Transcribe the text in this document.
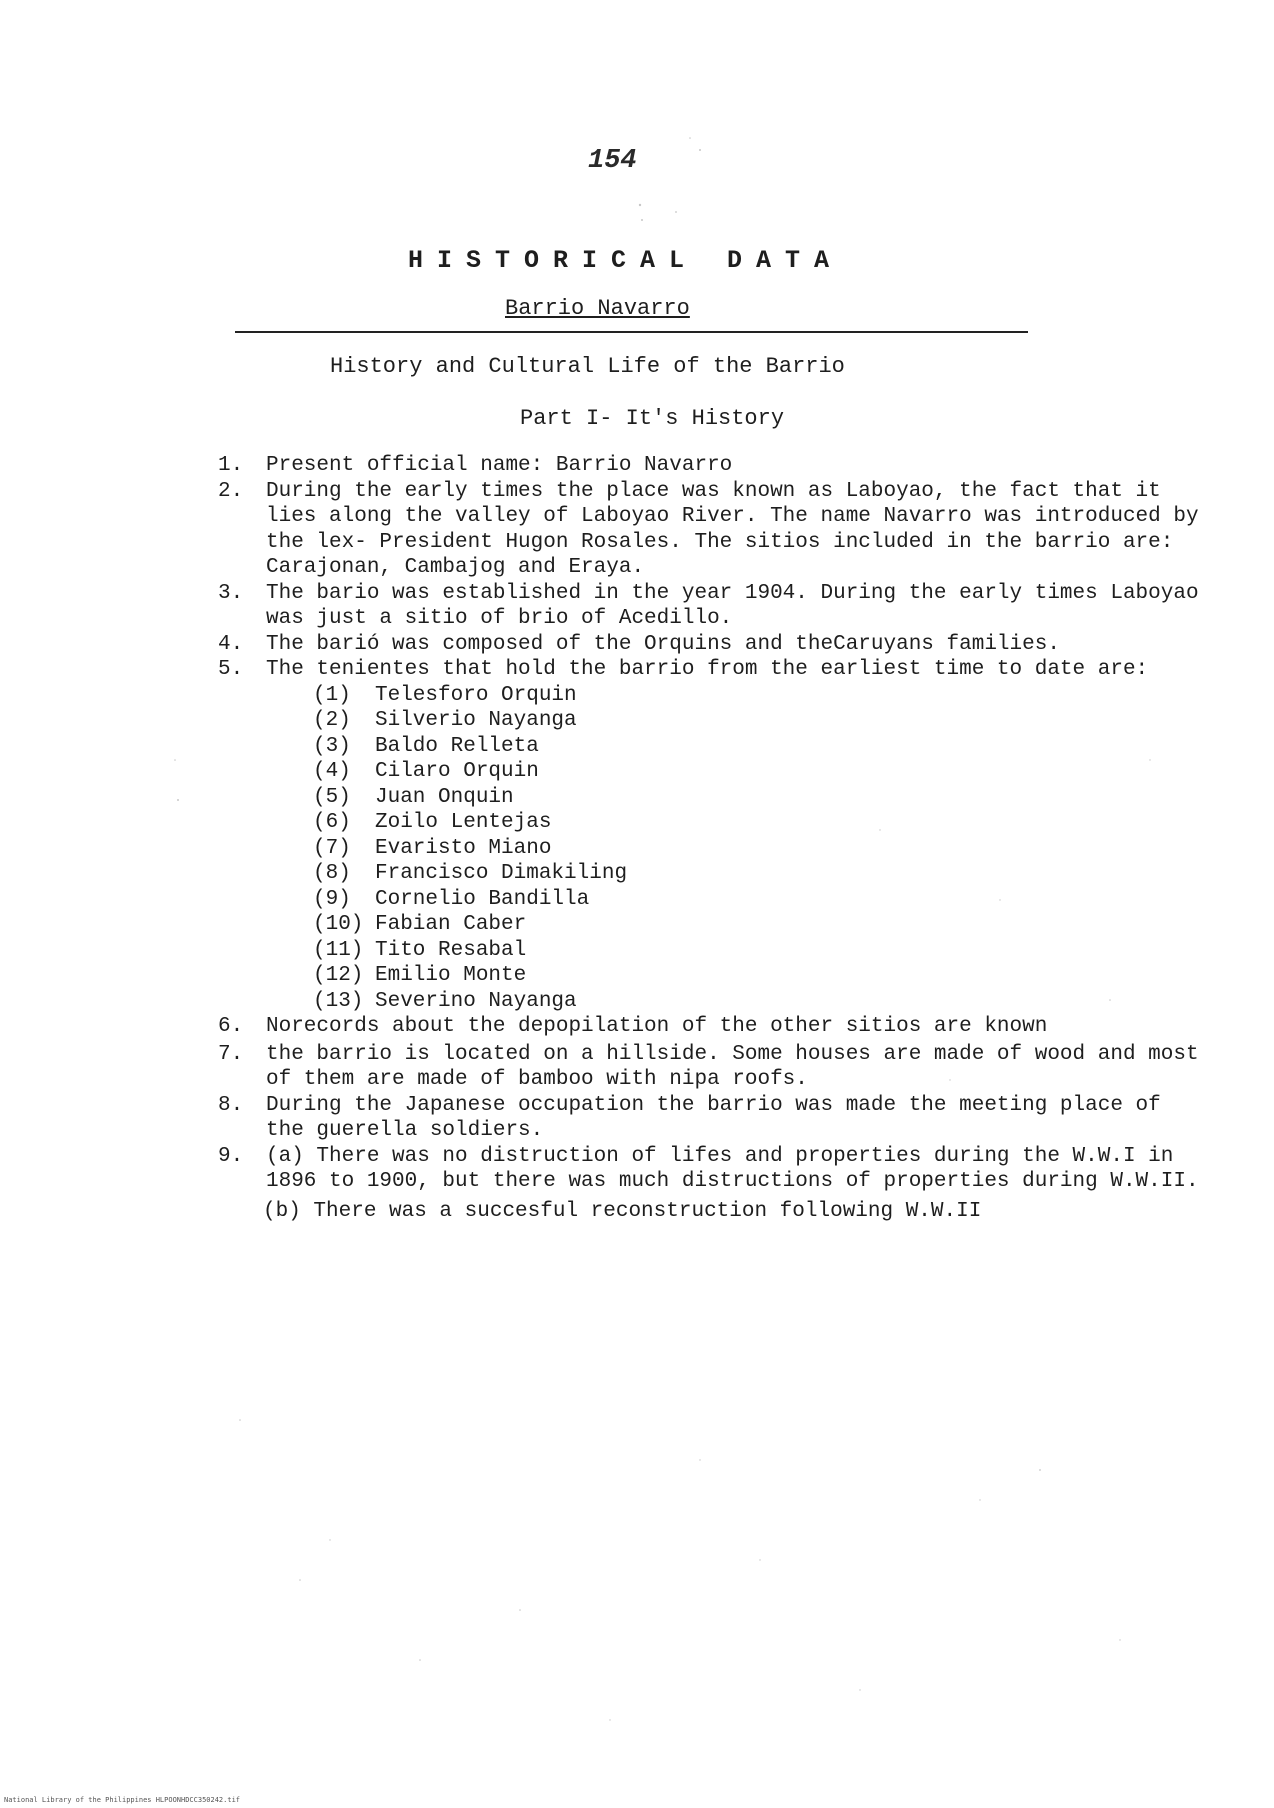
154
HISTORICAL DATA
Barrio Navarro
History and Cultural Life of the Barrio
Part I- It's History
1.	Present official name: Barrio Navarro
2.	During the early times the place was known as Laboyao, the fact that it lies along the valley of Laboyao River. The name Navarro was introduced by the lex- President Hugon Rosales. The sitios included in the barrio are: Carajonan, Cambajog and Eraya.
3.	The bario was established in the year 1904. During the early times Laboyao was just a sitio of brio of Acedillo.
4.	The barió was composed of the Orquins and theCaruyans families.
5.	The tenientes that hold the barrio from the earliest time to date are:
(1) Telesforo Orquin
(2) Silverio Nayanga
(3) Baldo Relleta
(4) Cilaro Orquin
(5) Juan Onquin
(6) Zoilo Lentejas
(7) Evaristo Miano
(8) Francisco Dimakiling
(9) Cornelio Bandilla
(10) Fabian Caber
(11) Tito Resabal
(12) Emilio Monte
(13) Severino Nayanga
6.	Norecords about the depopilation of the other sitios are known
7.	the barrio is located on a hillside. Some houses are made of wood and most of them are made of bamboo with nipa roofs.
8.	During the Japanese occupation the barrio was made the meeting place of the guerella soldiers.
9.	(a) There was no distruction of lifes and properties during the W.W.I in 1896 to 1900, but there was much distructions of properties during W.W.II.
(b) There was a succesful reconstruction following W.W.II
National Library of the Philippines HLPOONHDCC350242.tif
